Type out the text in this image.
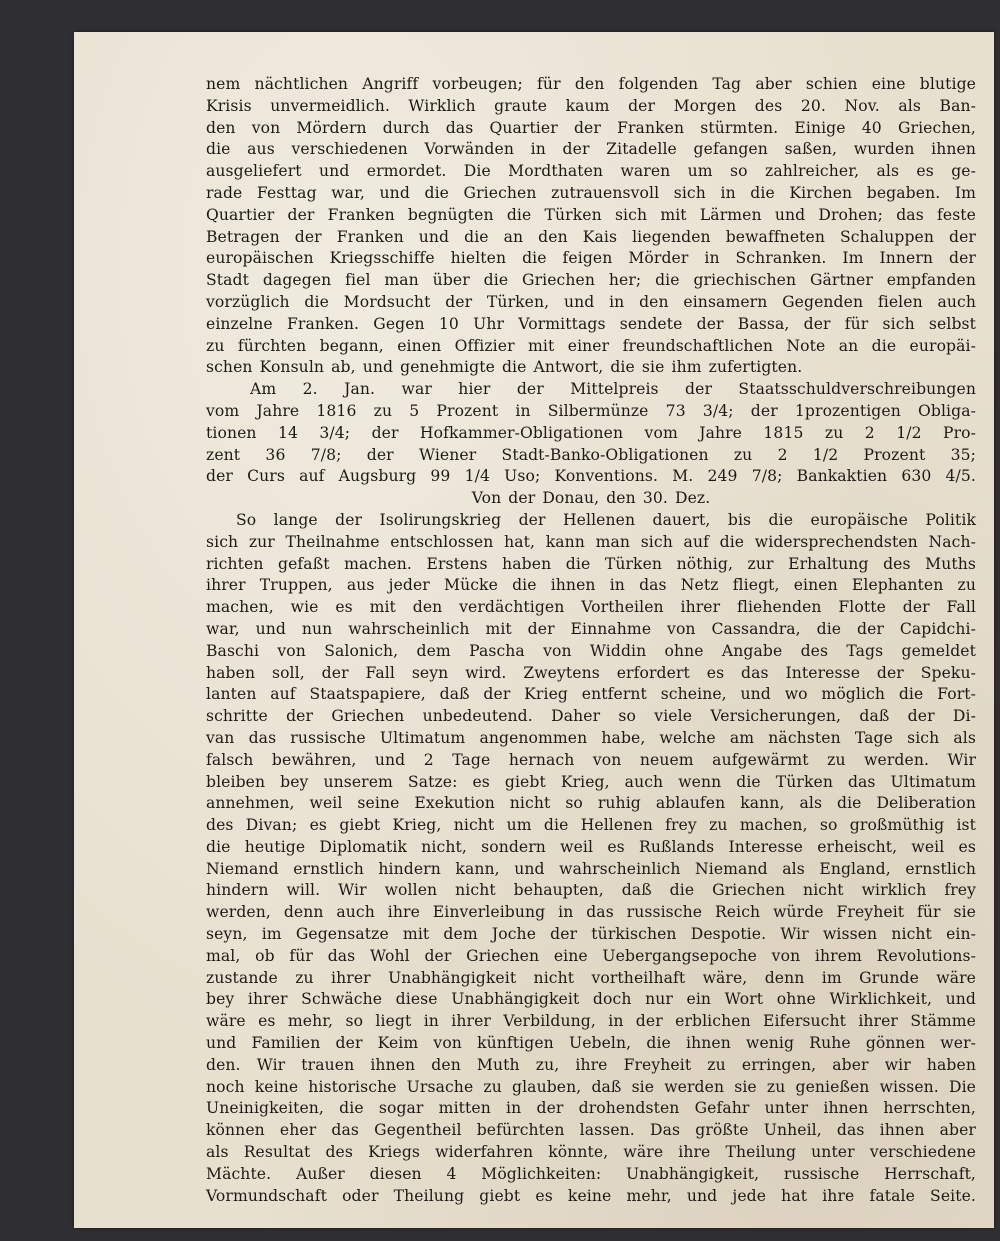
nem nächtlichen Angriff vorbeugen; für den folgenden Tag aber schien eine blutige
Krisis unvermeidlich. Wirklich graute kaum der Morgen des 20. Nov. als Ban-
den von Mördern durch das Quartier der Franken stürmten. Einige 40 Griechen,
die aus verschiedenen Vorwänden in der Zitadelle gefangen saßen, wurden ihnen
ausgeliefert und ermordet. Die Mordthaten waren um so zahlreicher, als es ge-
rade Festtag war, und die Griechen zutrauensvoll sich in die Kirchen begaben. Im
Quartier der Franken begnügten die Türken sich mit Lärmen und Drohen; das feste
Betragen der Franken und die an den Kais liegenden bewaffneten Schaluppen der
europäischen Kriegsschiffe hielten die feigen Mörder in Schranken. Im Innern der
Stadt dagegen fiel man über die Griechen her; die griechischen Gärtner empfanden
vorzüglich die Mordsucht der Türken, und in den einsamern Gegenden fielen auch
einzelne Franken. Gegen 10 Uhr Vormittags sendete der Bassa, der für sich selbst
zu fürchten begann, einen Offizier mit einer freundschaftlichen Note an die europäi-
schen Konsuln ab, und genehmigte die Antwort, die sie ihm zufertigten.
Am 2. Jan. war hier der Mittelpreis der Staatsschuldverschreibungen
vom Jahre 1816 zu 5 Prozent in Silbermünze 73 3/4; der 1prozentigen Obliga-
tionen 14 3/4; der Hofkammer-Obligationen vom Jahre 1815 zu 2 1/2 Pro-
zent 36 7/8; der Wiener Stadt-Banko-Obligationen zu 2 1/2 Prozent 35;
der Curs auf Augsburg 99 1/4 Uso; Konventions. M. 249 7/8; Bankaktien 630 4/5.
Von der Donau, den 30. Dez.
So lange der Isolirungskrieg der Hellenen dauert, bis die europäische Politik
sich zur Theilnahme entschlossen hat, kann man sich auf die widersprechendsten Nach-
richten gefaßt machen. Erstens haben die Türken nöthig, zur Erhaltung des Muths
ihrer Truppen, aus jeder Mücke die ihnen in das Netz fliegt, einen Elephanten zu
machen, wie es mit den verdächtigen Vortheilen ihrer fliehenden Flotte der Fall
war, und nun wahrscheinlich mit der Einnahme von Cassandra, die der Capidchi-
Baschi von Salonich, dem Pascha von Widdin ohne Angabe des Tags gemeldet
haben soll, der Fall seyn wird. Zweytens erfordert es das Interesse der Speku-
lanten auf Staatspapiere, daß der Krieg entfernt scheine, und wo möglich die Fort-
schritte der Griechen unbedeutend. Daher so viele Versicherungen, daß der Di-
van das russische Ultimatum angenommen habe, welche am nächsten Tage sich als
falsch bewähren, und 2 Tage hernach von neuem aufgewärmt zu werden. Wir
bleiben bey unserem Satze: es giebt Krieg, auch wenn die Türken das Ultimatum
annehmen, weil seine Exekution nicht so ruhig ablaufen kann, als die Deliberation
des Divan; es giebt Krieg, nicht um die Hellenen frey zu machen, so großmüthig ist
die heutige Diplomatik nicht, sondern weil es Rußlands Interesse erheischt, weil es
Niemand ernstlich hindern kann, und wahrscheinlich Niemand als England, ernstlich
hindern will. Wir wollen nicht behaupten, daß die Griechen nicht wirklich frey
werden, denn auch ihre Einverleibung in das russische Reich würde Freyheit für sie
seyn, im Gegensatze mit dem Joche der türkischen Despotie. Wir wissen nicht ein-
mal, ob für das Wohl der Griechen eine Uebergangsepoche von ihrem Revolutions-
zustande zu ihrer Unabhängigkeit nicht vortheilhaft wäre, denn im Grunde wäre
bey ihrer Schwäche diese Unabhängigkeit doch nur ein Wort ohne Wirklichkeit, und
wäre es mehr, so liegt in ihrer Verbildung, in der erblichen Eifersucht ihrer Stämme
und Familien der Keim von künftigen Uebeln, die ihnen wenig Ruhe gönnen wer-
den. Wir trauen ihnen den Muth zu, ihre Freyheit zu erringen, aber wir haben
noch keine historische Ursache zu glauben, daß sie werden sie zu genießen wissen. Die
Uneinigkeiten, die sogar mitten in der drohendsten Gefahr unter ihnen herrschten,
können eher das Gegentheil befürchten lassen. Das größte Unheil, das ihnen aber
als Resultat des Kriegs widerfahren könnte, wäre ihre Theilung unter verschiedene
Mächte. Außer diesen 4 Möglichkeiten: Unabhängigkeit, russische Herrschaft,
Vormundschaft oder Theilung giebt es keine mehr, und jede hat ihre fatale Seite.
